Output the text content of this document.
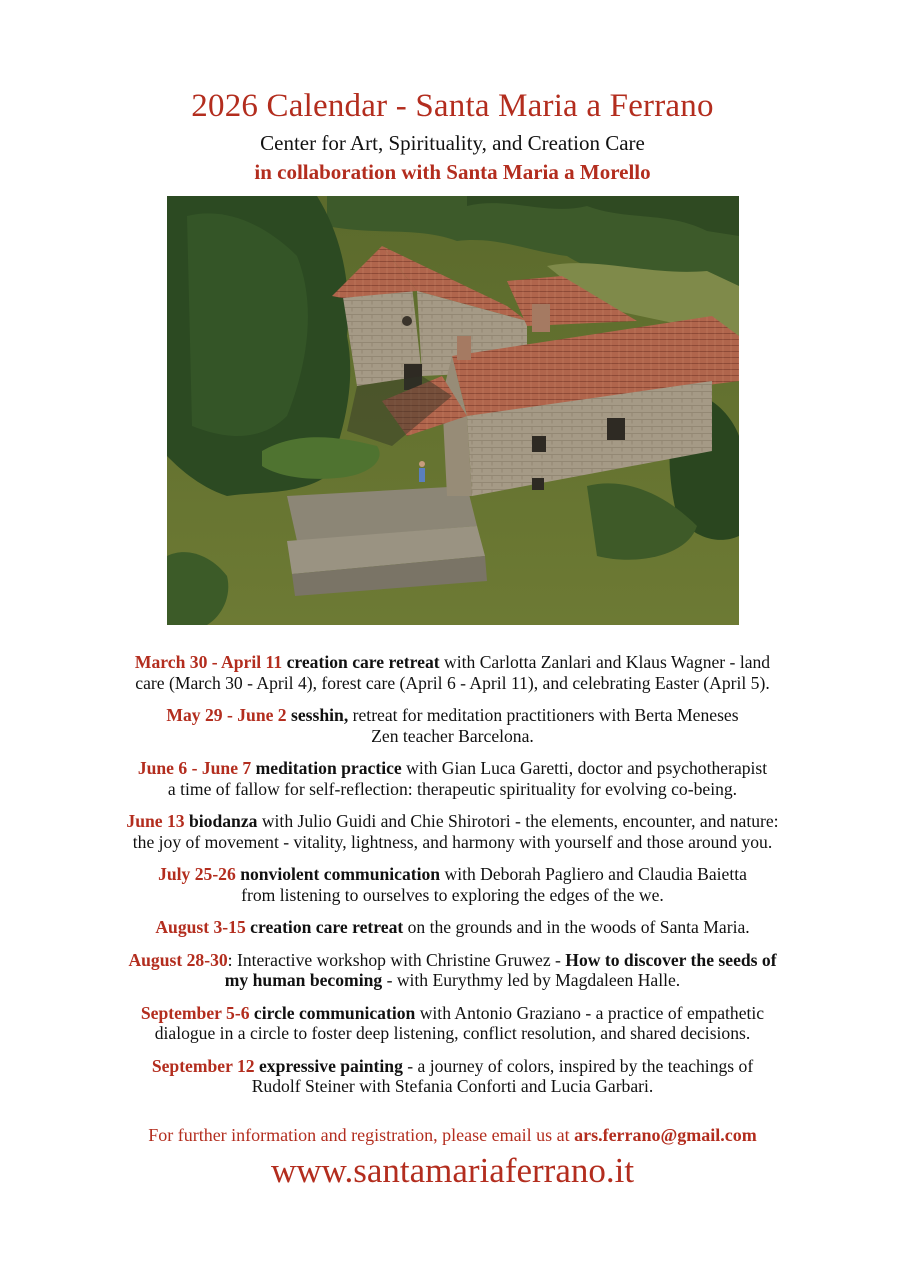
2026 Calendar - Santa Maria a Ferrano
Center for Art, Spirituality, and Creation Care
in collaboration with Santa Maria a Morello
March 30 - April 11 creation care retreat with Carlotta Zanlari and Klaus Wagner - land
care (March 30 - April 4), forest care (April 6 - April 11), and celebrating Easter (April 5).
May 29 - June 2 sesshin, retreat for meditation practitioners with Berta Meneses
Zen teacher Barcelona.
June 6 - June 7 meditation practice with Gian Luca Garetti, doctor and psychotherapist
a time of fallow for self-reflection: therapeutic spirituality for evolving co-being.
June 13 biodanza with Julio Guidi and Chie Shirotori - the elements, encounter, and nature:
the joy of movement - vitality, lightness, and harmony with yourself and those around you.
July 25-26 nonviolent communication with Deborah Pagliero and Claudia Baietta
from listening to ourselves to exploring the edges of the we.
August 3-15 creation care retreat on the grounds and in the woods of Santa Maria.
August 28-30: Interactive workshop with Christine Gruwez - How to discover the seeds of
my human becoming - with Eurythmy led by Magdaleen Halle.
September 5-6 circle communication with Antonio Graziano - a practice of empathetic
dialogue in a circle to foster deep listening, conflict resolution, and shared decisions.
September 12 expressive painting - a journey of colors, inspired by the teachings of
Rudolf Steiner with Stefania Conforti and Lucia Garbari.
For further information and registration, please email us at ars.ferrano@gmail.com
www.santamariaferrano.it
